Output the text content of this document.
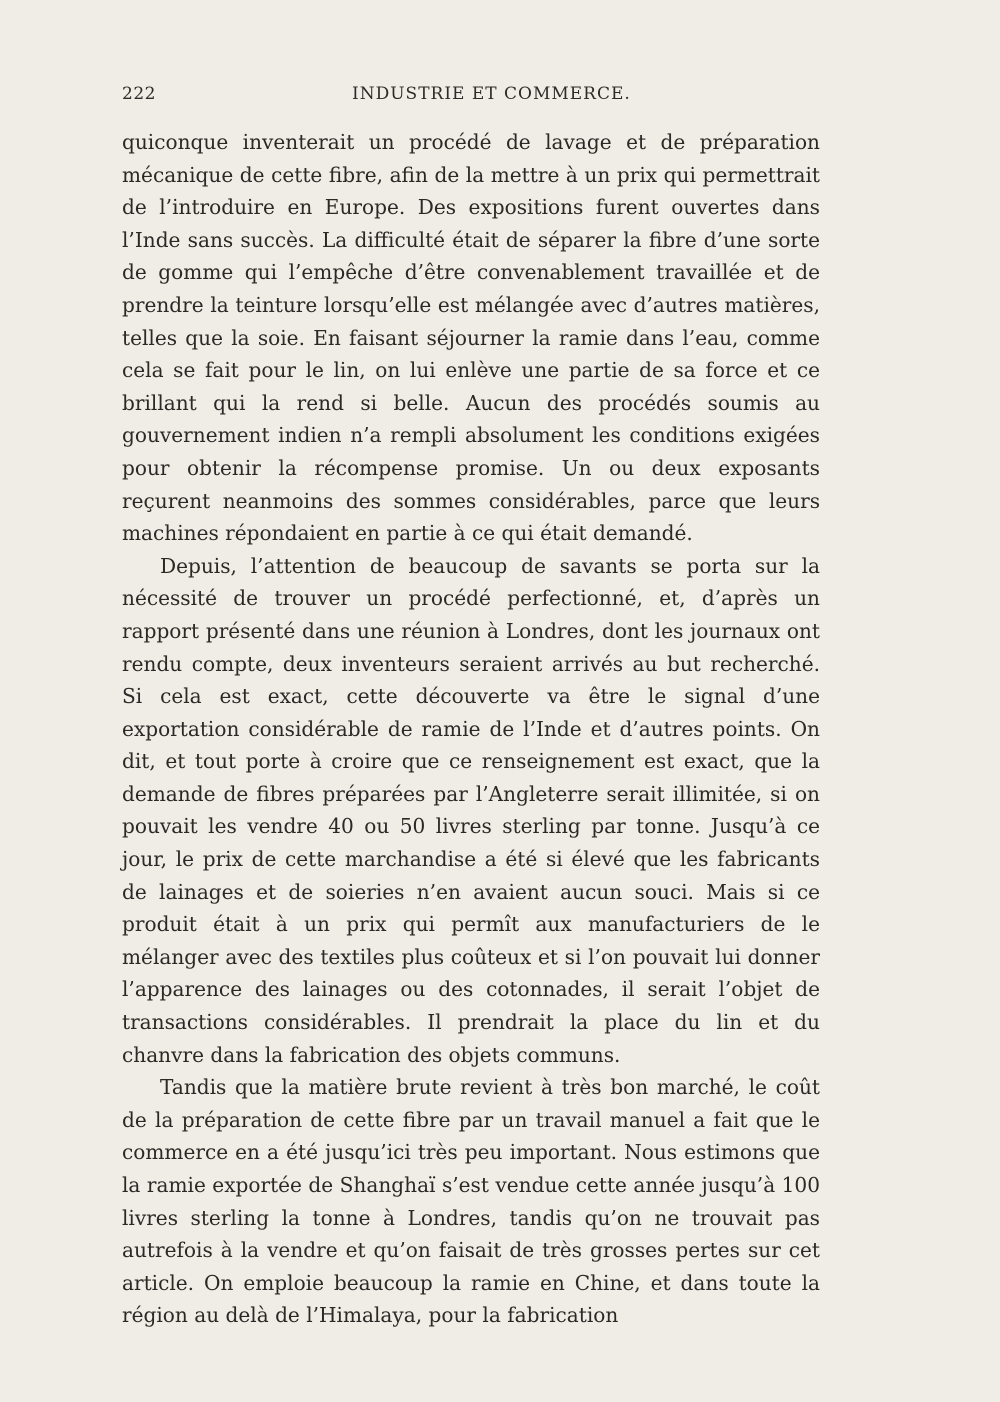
222	INDUSTRIE ET COMMERCE.

quiconque inventerait un procédé de lavage et de préparation mécanique de cette fibre, afin de la mettre à un prix qui permettrait de l’introduire en Europe. Des expositions furent ouvertes dans l’Inde sans succès. La difficulté était de séparer la fibre d’une sorte de gomme qui l’empêche d’être convenablement travaillée et de prendre la teinture lorsqu’elle est mélangée avec d’autres matières, telles que la soie. En faisant séjourner la ramie dans l’eau, comme cela se fait pour le lin, on lui enlève une partie de sa force et ce brillant qui la rend si belle. Aucun des procédés soumis au gouvernement indien n’a rempli absolument les conditions exigées pour obtenir la récompense promise. Un ou deux exposants reçurent neanmoins des sommes considérables, parce que leurs machines répondaient en partie à ce qui était demandé.

Depuis, l’attention de beaucoup de savants se porta sur la nécessité de trouver un procédé perfectionné, et, d’après un rapport présenté dans une réunion à Londres, dont les journaux ont rendu compte, deux inventeurs seraient arrivés au but recherché. Si cela est exact, cette découverte va être le signal d’une exportation considérable de ramie de l’Inde et d’autres points. On dit, et tout porte à croire que ce renseignement est exact, que la demande de fibres préparées par l’Angleterre serait illimitée, si on pouvait les vendre 40 ou 50 livres sterling par tonne. Jusqu’à ce jour, le prix de cette marchandise a été si élevé que les fabricants de lainages et de soieries n’en avaient aucun souci. Mais si ce produit était à un prix qui permît aux manufacturiers de le mélanger avec des textiles plus coûteux et si l’on pouvait lui donner l’apparence des lainages ou des cotonnades, il serait l’objet de transactions considérables. Il prendrait la place du lin et du chanvre dans la fabrication des objets communs.

Tandis que la matière brute revient à très bon marché, le coût de la préparation de cette fibre par un travail manuel a fait que le commerce en a été jusqu’ici très peu important. Nous estimons que la ramie exportée de Shanghaï s’est vendue cette année jusqu’à 100 livres sterling la tonne à Londres, tandis qu’on ne trouvait pas autrefois à la vendre et qu’on faisait de très grosses pertes sur cet article. On emploie beaucoup la ramie en Chine, et dans toute la région au delà de l’Himalaya, pour la fabrication
